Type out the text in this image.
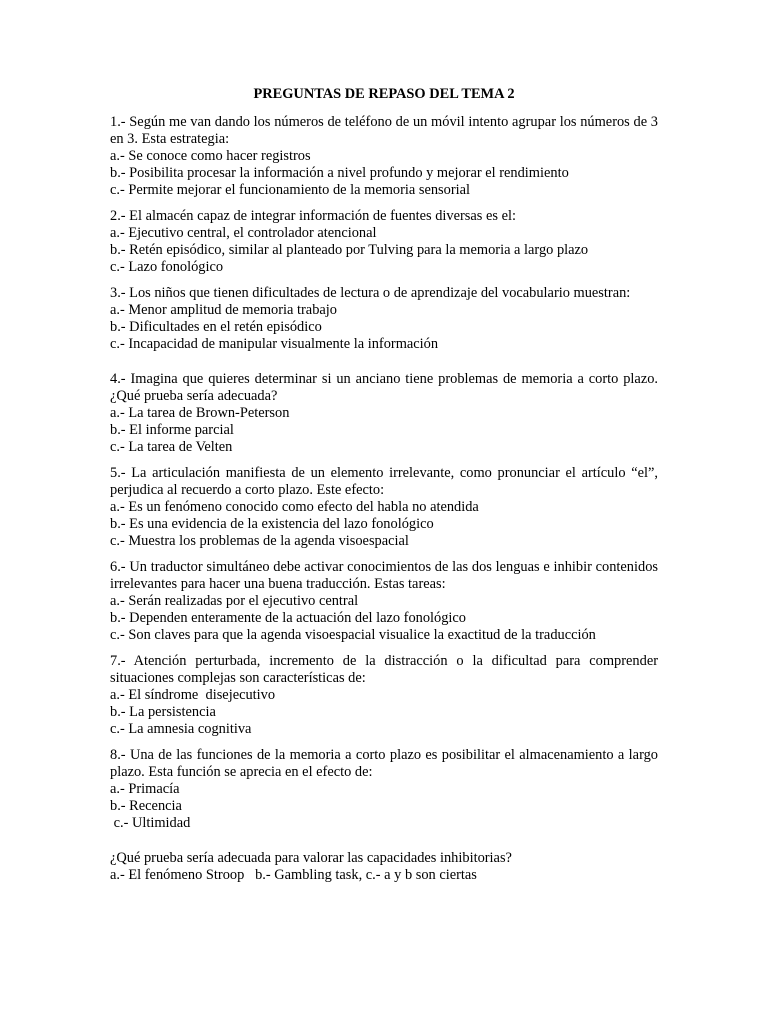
PREGUNTAS DE REPASO DEL TEMA 2
1.- Según me van dando los números de teléfono de un móvil intento agrupar los números de 3 en 3. Esta estrategia:
a.- Se conoce como hacer registros
b.- Posibilita procesar la información a nivel profundo y mejorar el rendimiento
c.- Permite mejorar el funcionamiento de la memoria sensorial
2.- El almacén capaz de integrar información de fuentes diversas es el:
a.- Ejecutivo central, el controlador atencional
b.- Retén episódico, similar al planteado por Tulving para la memoria a largo plazo
c.- Lazo fonológico
3.- Los niños que tienen dificultades de lectura o de aprendizaje del vocabulario muestran:
a.- Menor amplitud de memoria trabajo
b.- Dificultades en el retén episódico
c.- Incapacidad de manipular visualmente la información
4.- Imagina que quieres determinar si un anciano tiene problemas de memoria a corto plazo. ¿Qué prueba sería adecuada?
a.- La tarea de Brown-Peterson
b.- El informe parcial
c.- La tarea de Velten
5.- La articulación manifiesta de un elemento irrelevante, como pronunciar el artículo “el”, perjudica al recuerdo a corto plazo. Este efecto:
a.- Es un fenómeno conocido como efecto del habla no atendida
b.- Es una evidencia de la existencia del lazo fonológico
c.- Muestra los problemas de la agenda visoespacial
6.- Un traductor simultáneo debe activar conocimientos de las dos lenguas e inhibir contenidos irrelevantes para hacer una buena traducción. Estas tareas:
a.- Serán realizadas por el ejecutivo central
b.- Dependen enteramente de la actuación del lazo fonológico
c.- Son claves para que la agenda visoespacial visualice la exactitud de la traducción
7.- Atención perturbada, incremento de la distracción o la dificultad para comprender situaciones complejas son características de:
a.- El síndrome  disejecutivo
b.- La persistencia
c.- La amnesia cognitiva
8.- Una de las funciones de la memoria a corto plazo es posibilitar el almacenamiento a largo plazo. Esta función se aprecia en el efecto de:
a.- Primacía
b.- Recencia
c.- Ultimidad
¿Qué prueba sería adecuada para valorar las capacidades inhibitorias?
a.- El fenómeno Stroop   b.- Gambling task, c.- a y b son ciertas
